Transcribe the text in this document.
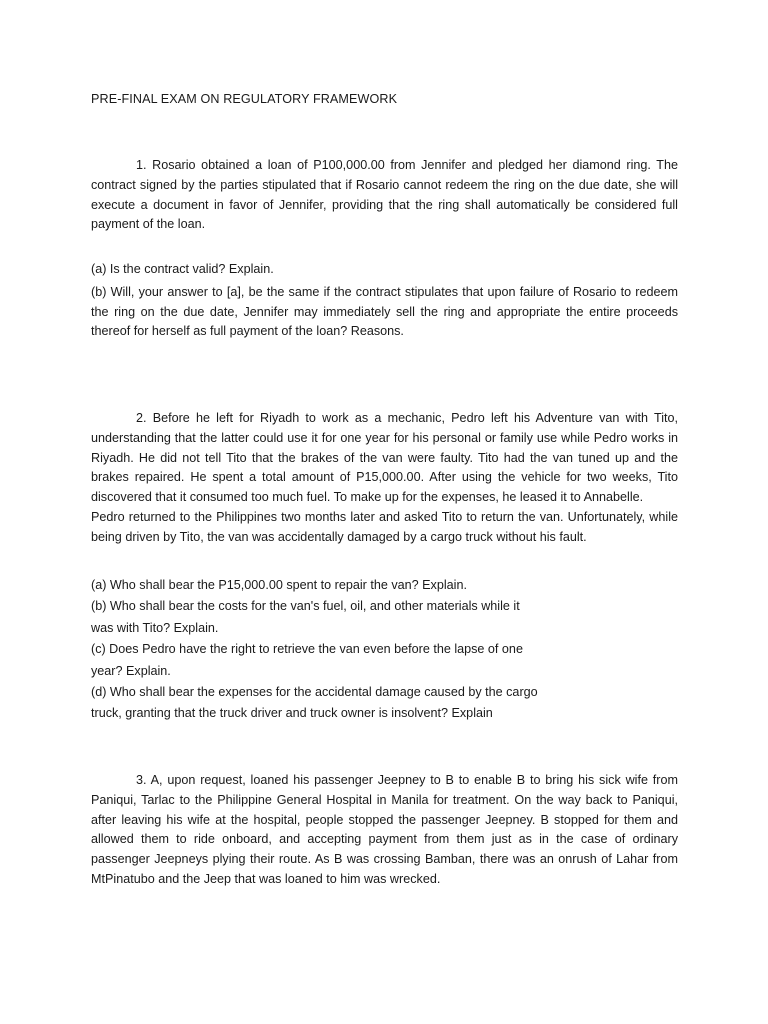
PRE-FINAL EXAM ON REGULATORY FRAMEWORK

1. Rosario obtained a loan of P100,000.00 from Jennifer and pledged her diamond ring. The contract signed by the parties stipulated that if Rosario cannot redeem the ring on the due date, she will execute a document in favor of Jennifer, providing that the ring shall automatically be considered full payment of the loan.

(a) Is the contract valid? Explain.

(b) Will, your answer to [a], be the same if the contract stipulates that upon failure of Rosario to redeem the ring on the due date, Jennifer may immediately sell the ring and appropriate the entire proceeds thereof for herself as full payment of the loan? Reasons.

2. Before he left for Riyadh to work as a mechanic, Pedro left his Adventure van with Tito, understanding that the latter could use it for one year for his personal or family use while Pedro works in Riyadh. He did not tell Tito that the brakes of the van were faulty. Tito had the van tuned up and the brakes repaired. He spent a total amount of P15,000.00. After using the vehicle for two weeks, Tito discovered that it consumed too much fuel. To make up for the expenses, he leased it to Annabelle.

Pedro returned to the Philippines two months later and asked Tito to return the van. Unfortunately, while being driven by Tito, the van was accidentally damaged by a cargo truck without his fault.

(a) Who shall bear the P15,000.00 spent to repair the van? Explain.

(b) Who shall bear the costs for the van's fuel, oil, and other materials while it

was with Tito? Explain.

(c) Does Pedro have the right to retrieve the van even before the lapse of one

year? Explain.

(d) Who shall bear the expenses for the accidental damage caused by the cargo

truck, granting that the truck driver and truck owner is insolvent? Explain

3. A, upon request, loaned his passenger Jeepney to B to enable B to bring his sick wife from Paniqui, Tarlac to the Philippine General Hospital in Manila for treatment. On the way back to Paniqui, after leaving his wife at the hospital, people stopped the passenger Jeepney. B stopped for them and allowed them to ride onboard, and accepting payment from them just as in the case of ordinary passenger Jeepneys plying their route. As B was crossing Bamban, there was an onrush of Lahar from MtPinatubo and the Jeep that was loaned to him was wrecked.
